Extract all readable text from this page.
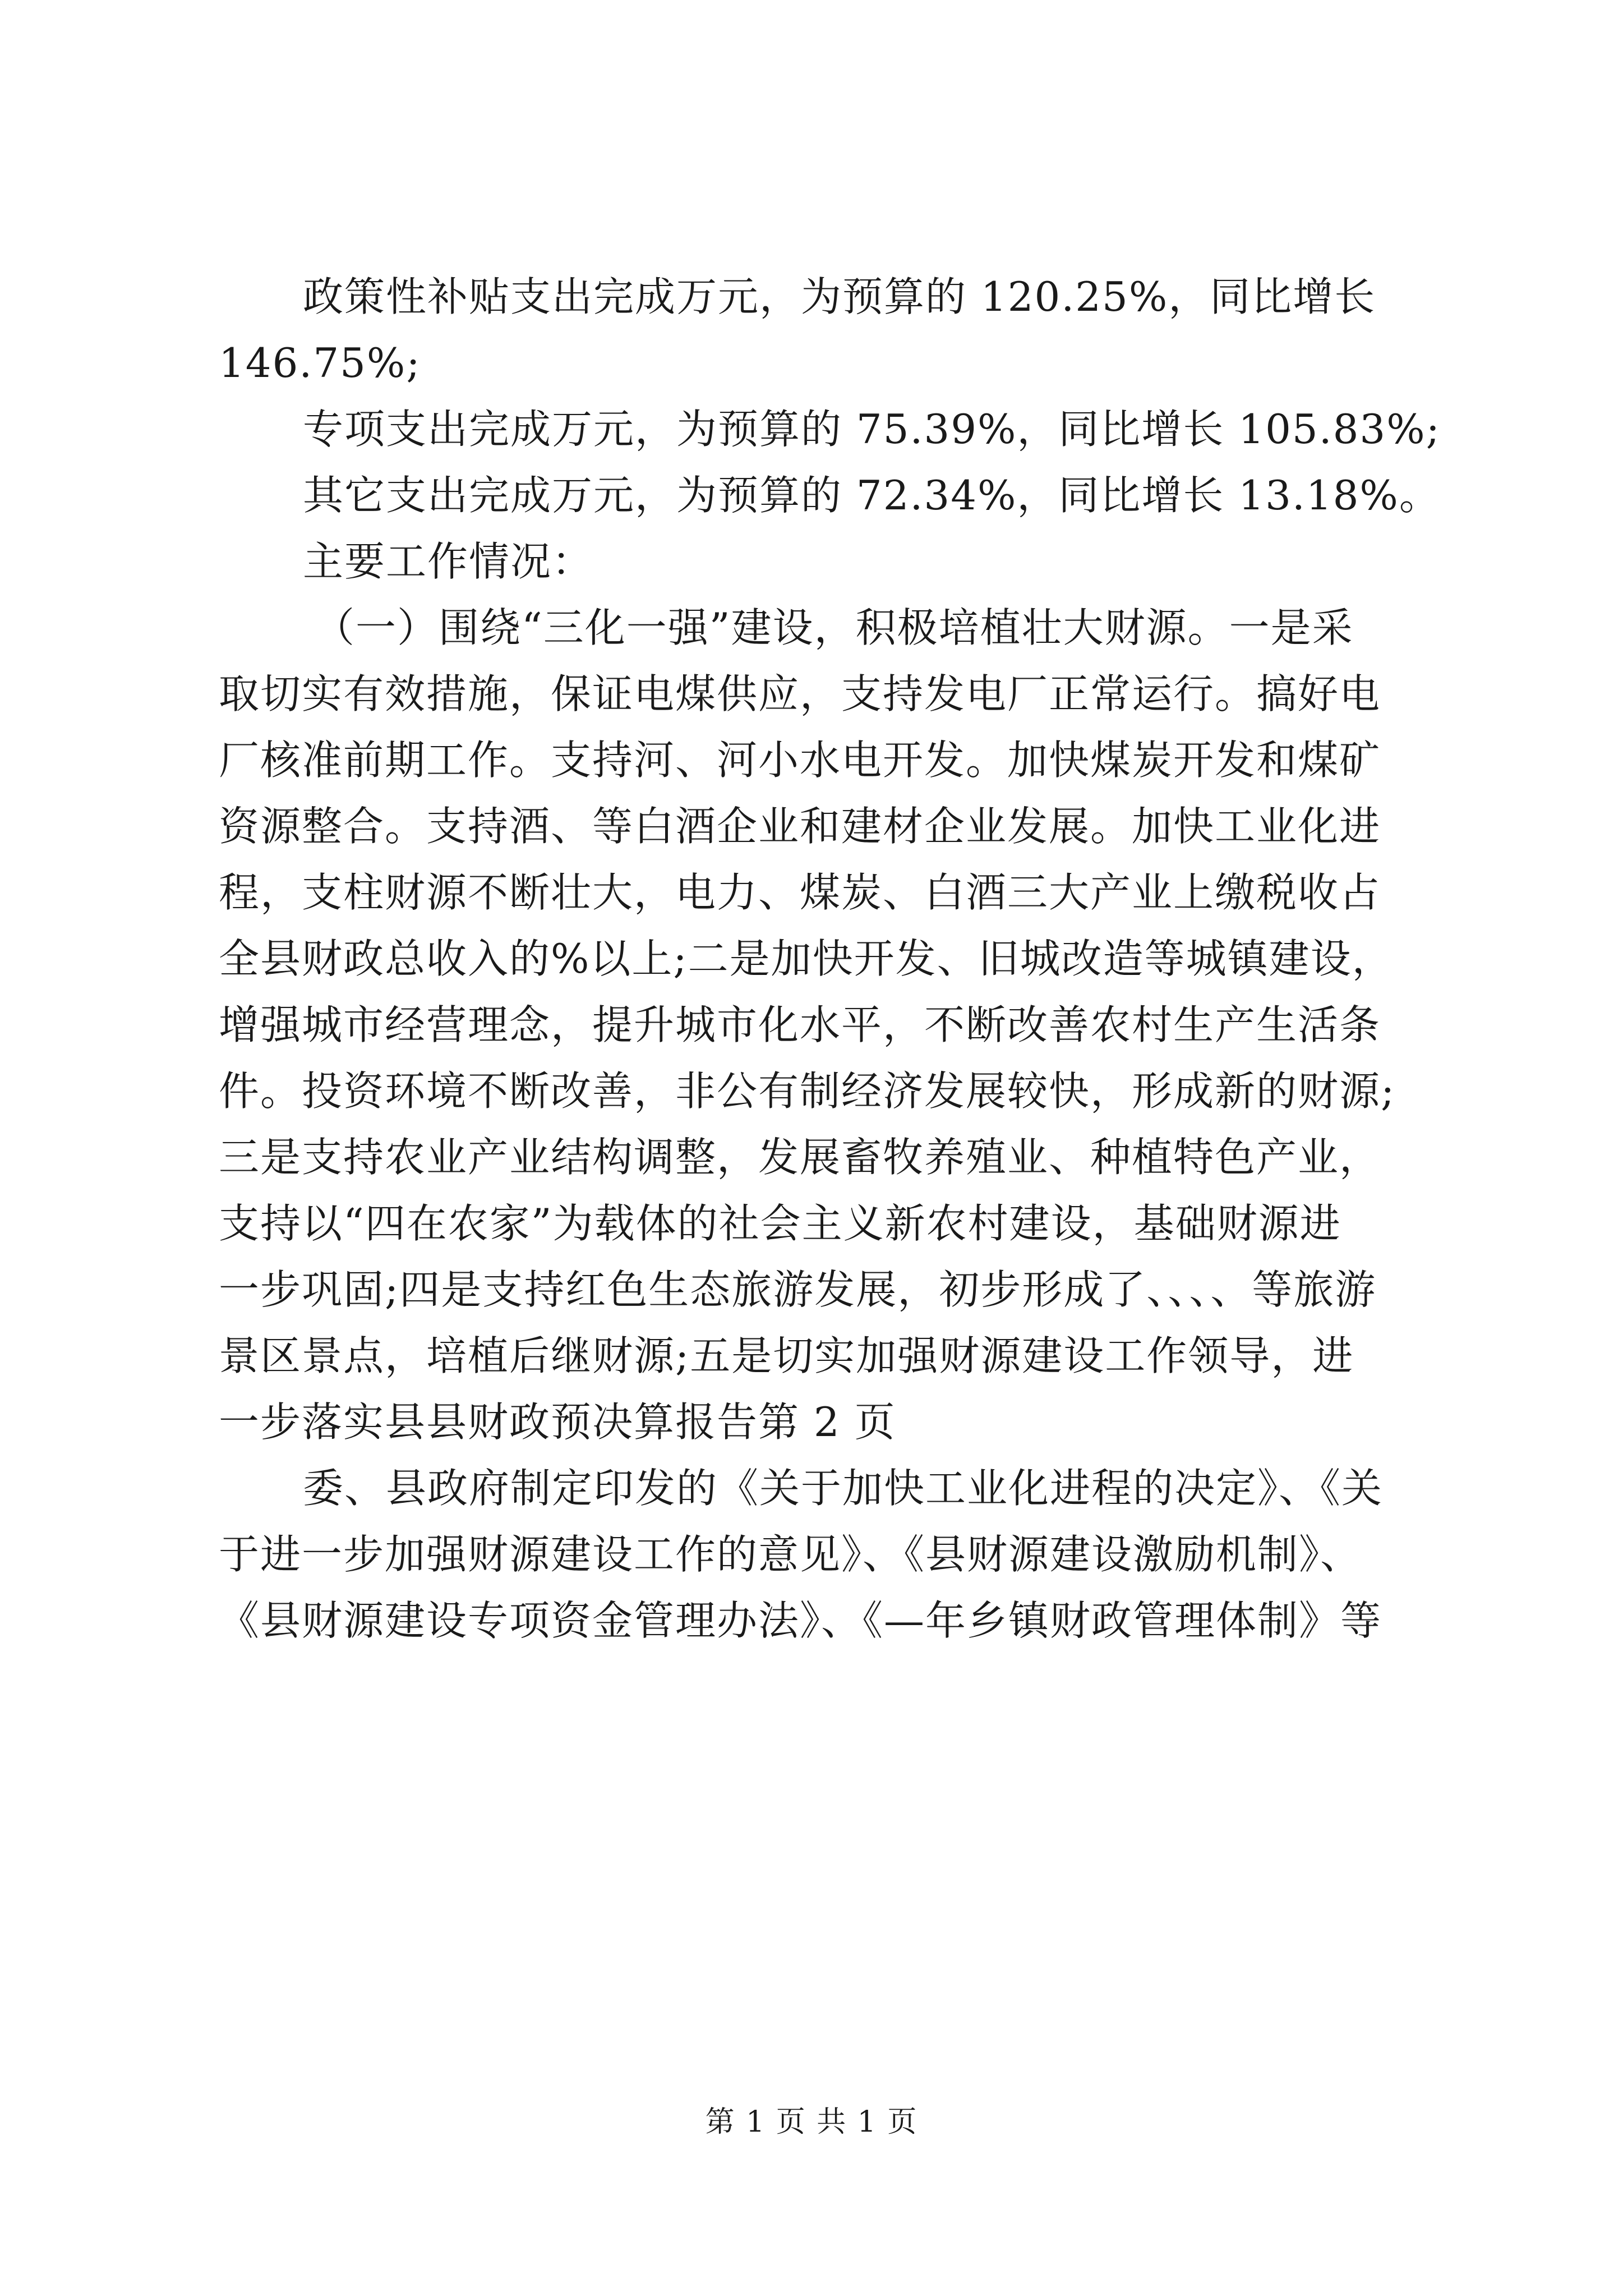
政策性补贴支出完成万元，为预算的 120.25%，同比增长
146.75%;
专项支出完成万元，为预算的 75.39%，同比增长 105.83%;
其它支出完成万元，为预算的 72.34%，同比增长 13.18%。
主要工作情况：
（一）围绕“三化一强”建设，积极培植壮大财源。一是采
取切实有效措施，保证电煤供应，支持发电厂正常运行。搞好电
厂核准前期工作。支持河、河小水电开发。加快煤炭开发和煤矿
资源整合。支持酒、等白酒企业和建材企业发展。加快工业化进
程，支柱财源不断壮大，电力、煤炭、白酒三大产业上缴税收占
全县财政总收入的%以上;二是加快开发、旧城改造等城镇建设，
增强城市经营理念，提升城市化水平，不断改善农村生产生活条
件。投资环境不断改善，非公有制经济发展较快，形成新的财源;
三是支持农业产业结构调整，发展畜牧养殖业、种植特色产业，
支持以“四在农家”为载体的社会主义新农村建设，基础财源进
一步巩固;四是支持红色生态旅游发展，初步形成了、、、、等旅游
景区景点，培植后继财源;五是切实加强财源建设工作领导，进
一步落实县县财政预决算报告第 2 页
委、县政府制定印发的《关于加快工业化进程的决定》、《关
于进一步加强财源建设工作的意见》、《县财源建设激励机制》、
《县财源建设专项资金管理办法》、《—年乡镇财政管理体制》等
第 1 页 共 1 页
